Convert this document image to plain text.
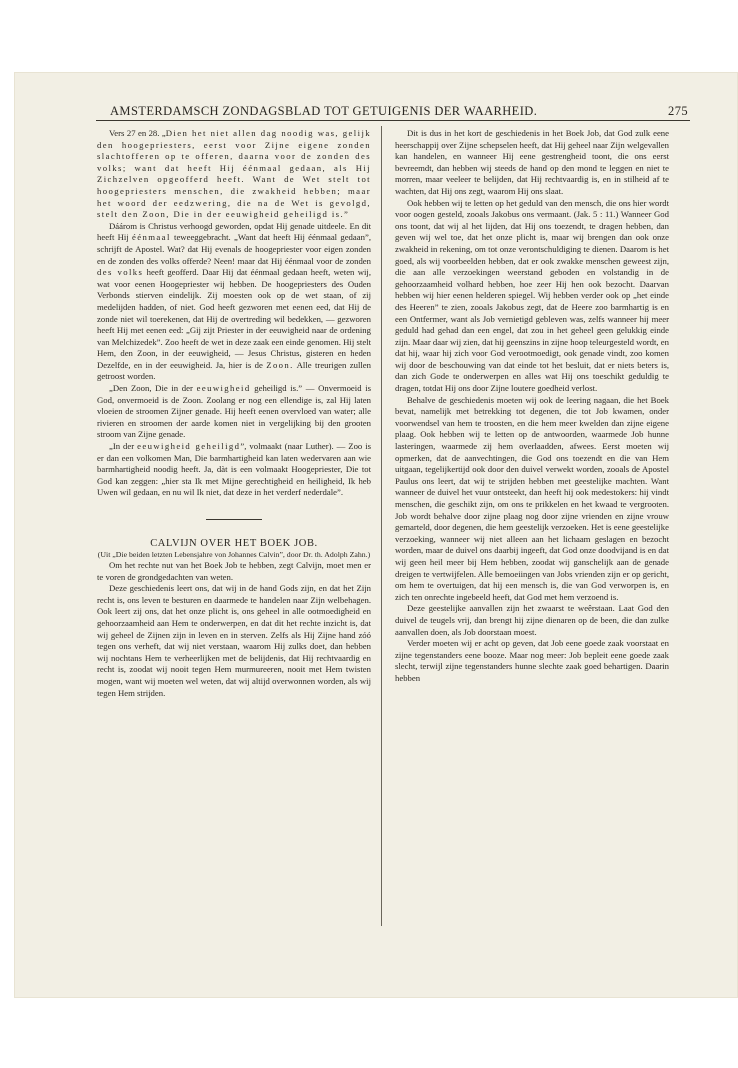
AMSTERDAMSCH ZONDAGSBLAD TOT GETUIGENIS DER WAARHEID.	275

Vers 27 en 28. „Dien het niet allen dag noodig was, gelijk den hoogepriesters, eerst voor Zijne eigene zonden slachtofferen op te offeren, daarna voor de zonden des volks; want dat heeft Hij éénmaal gedaan, als Hij Zichzelven opgeofferd heeft. Want de Wet stelt tot hoogepriesters menschen, die zwakheid hebben; maar het woord der eedzwering, die na de Wet is gevolgd, stelt den Zoon, Die in der eeuwigheid geheiligd is.”

Dáárom is Christus verhoogd geworden, opdat Hij genade uitdeele. En dit heeft Hij éénmaal teweeggebracht. „Want dat heeft Hij éénmaal gedaan”, schrijft de Apostel. Wat? dat Hij evenals de hoogepriester voor eigen zonden en de zonden des volks offerde? Neen! maar dat Hij éénmaal voor de zonden des volks heeft geofferd. Daar Hij dat éénmaal gedaan heeft, weten wij, wat voor eenen Hoogepriester wij hebben. De hoogepriesters des Ouden Verbonds stierven eindelijk. Zij moesten ook op de wet staan, of zij medelijden hadden, of niet. God heeft gezworen met eenen eed, dat Hij de zonde niet wil toerekenen, dat Hij de overtreding wil bedekken, — gezworen heeft Hij met eenen eed: „Gij zijt Priester in der eeuwigheid naar de ordening van Melchizedek”. Zoo heeft de wet in deze zaak een einde genomen. Hij stelt Hem, den Zoon, in der eeuwigheid, — Jesus Christus, gisteren en heden Dezelfde, en in der eeuwigheid. Ja, hier is de Zoon. Alle treurigen zullen getroost worden.

„Den Zoon, Die in der eeuwigheid geheiligd is.” — Onvermoeid is God, onvermoeid is de Zoon. Zoolang er nog een ellendige is, zal Hij laten vloeien de stroomen Zijner genade. Hij heeft eenen overvloed van water; alle rivieren en stroomen der aarde komen niet in vergelijking bij den grooten stroom van Zijne genade.

„In der eeuwigheid geheiligd”, volmaakt (naar Luther). — Zoo is er dan een volkomen Man, Die barmhartigheid kan laten wedervaren aan wie barmhartigheid noodig heeft. Ja, dàt is een volmaakt Hoogepriester, Die tot God kan zeggen: „hier sta Ik met Mijne gerechtigheid en heiligheid, Ik heb Uwen wil gedaan, en nu wil Ik niet, dat deze in het verderf nederdale”.

CALVIJN OVER HET BOEK JOB.

(Uit „Die beiden letzten Lebensjahre von Johannes Calvin”, door Dr. th. Adolph Zahn.)

Om het rechte nut van het Boek Job te hebben, zegt Calvijn, moet men er te voren de grondgedachten van weten.

Deze geschiedenis leert ons, dat wij in de hand Gods zijn, en dat het Zijn recht is, ons leven te besturen en daarmede te handelen naar Zijn welbehagen. Ook leert zij ons, dat het onze plicht is, ons geheel in alle ootmoedigheid en gehoorzaamheid aan Hem te onderwerpen, en dat dit het rechte inzicht is, dat wij geheel de Zijnen zijn in leven en in sterven. Zelfs als Hij Zijne hand zóó tegen ons verheft, dat wij niet verstaan, waarom Hij zulks doet, dan hebben wij nochtans Hem te verheerlijken met de belijdenis, dat Hij rechtvaardig en recht is, zoodat wij nooit tegen Hem murmureeren, nooit met Hem twisten mogen, want wij moeten wel weten, dat wij altijd overwonnen worden, als wij tegen Hem strijden.

Dit is dus in het kort de geschiedenis in het Boek Job, dat God zulk eene heerschappij over Zijne schepselen heeft, dat Hij geheel naar Zijn welgevallen kan handelen, en wanneer Hij eene gestrengheid toont, die ons eerst bevreemdt, dan hebben wij steeds de hand op den mond te leggen en niet te morren, maar veeleer te belijden, dat Hij rechtvaardig is, en in stilheid af te wachten, dat Hij ons zegt, waarom Hij ons slaat.

Ook hebben wij te letten op het geduld van den mensch, die ons hier wordt voor oogen gesteld, zooals Jakobus ons vermaant. (Jak. 5 : 11.) Wanneer God ons toont, dat wij al het lijden, dat Hij ons toezendt, te dragen hebben, dan geven wij wel toe, dat het onze plicht is, maar wij brengen dan ook onze zwakheid in rekening, om tot onze verontschuldiging te dienen. Daarom is het goed, als wij voorbeelden hebben, dat er ook zwakke menschen geweest zijn, die aan alle verzoekingen weerstand geboden en volstandig in de gehoorzaamheid volhard hebben, hoe zeer Hij hen ook bezocht. Daarvan hebben wij hier eenen helderen spiegel. Wij hebben verder ook op „het einde des Heeren” te zien, zooals Jakobus zegt, dat de Heere zoo barmhartig is en een Ontfermer, want als Job vernietigd gebleven was, zelfs wanneer hij meer geduld had gehad dan een engel, dat zou in het geheel geen gelukkig einde zijn. Maar daar wij zien, dat hij geenszins in zijne hoop teleurgesteld wordt, en dat hij, waar hij zich voor God verootmoedigt, ook genade vindt, zoo komen wij door de beschouwing van dat einde tot het besluit, dat er niets beters is, dan zich Gode te onderwerpen en alles wat Hij ons toeschikt geduldig te dragen, totdat Hij ons door Zijne loutere goedheid verlost.

Behalve de geschiedenis moeten wij ook de leering nagaan, die het Boek bevat, namelijk met betrekking tot degenen, die tot Job kwamen, onder voorwendsel van hem te troosten, en die hem meer kwelden dan zijne eigene plaag. Ook hebben wij te letten op de antwoorden, waarmede Job hunne lasteringen, waarmede zij hem overlaadden, afwees. Eerst moeten wij opmerken, dat de aanvechtingen, die God ons toezendt en die van Hem uitgaan, tegelijkertijd ook door den duivel verwekt worden, zooals de Apostel Paulus ons leert, dat wij te strijden hebben met geestelijke machten. Want wanneer de duivel het vuur ontsteekt, dan heeft hij ook medestokers: hij vindt menschen, die geschikt zijn, om ons te prikkelen en het kwaad te vergrooten. Job wordt behalve door zijne plaag nog door zijne vrienden en zijne vrouw gemarteld, door degenen, die hem geestelijk verzoeken. Het is eene geestelijke verzoeking, wanneer wij niet alleen aan het lichaam geslagen en bezocht worden, maar de duivel ons daarbij ingeeft, dat God onze doodvijand is en dat wij geen heil meer bij Hem hebben, zoodat wij ganschelijk aan de genade dreigen te vertwijfelen. Alle bemoeiingen van Jobs vrienden zijn er op gericht, om hem te overtuigen, dat hij een mensch is, die van God verworpen is, en zich ten onrechte ingebeeld heeft, dat God met hem verzoend is.

Deze geestelijke aanvallen zijn het zwaarst te weêrstaan. Laat God den duivel de teugels vrij, dan brengt hij zijne dienaren op de been, die dan zulke aanvallen doen, als Job doorstaan moest.

Verder moeten wij er acht op geven, dat Job eene goede zaak voorstaat en zijne tegenstanders eene booze. Maar nog meer: Job bepleit eene goede zaak slecht, terwijl zijne tegenstanders hunne slechte zaak goed behartigen. Daarin hebben
